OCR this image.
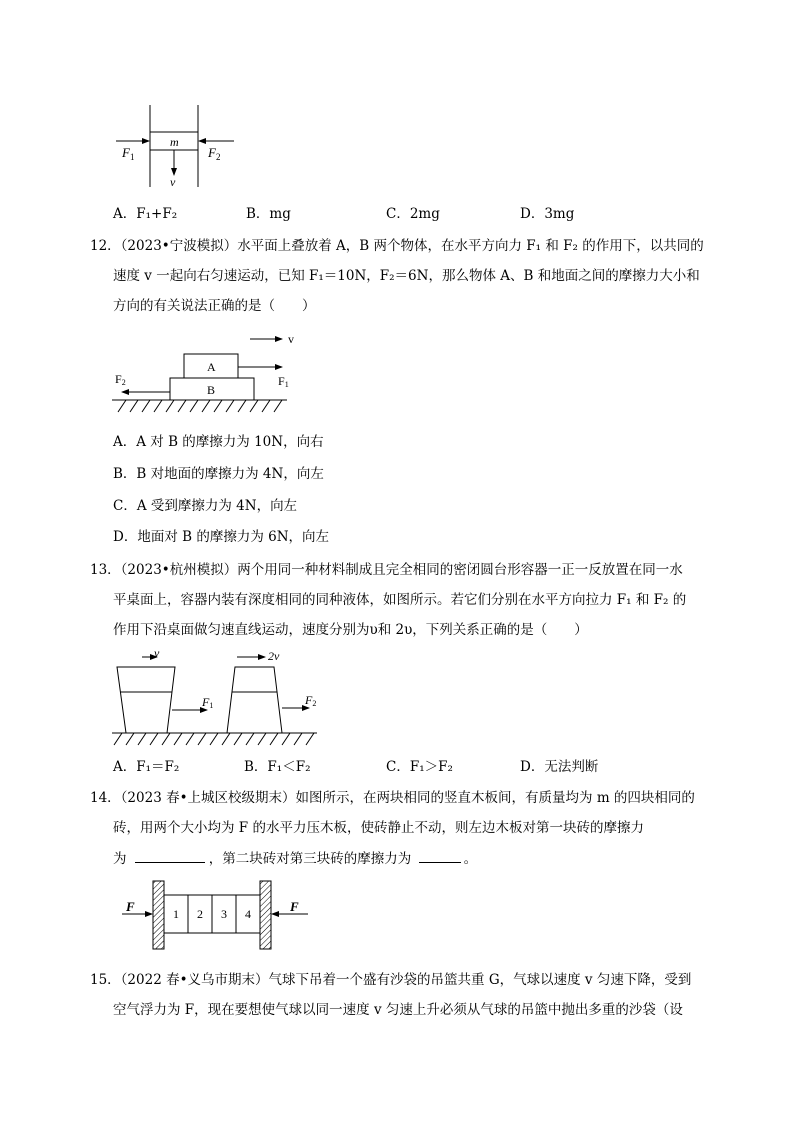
m
$F_1$	$F_2$
v
A．F₁+F₂	B．mg	C．2mg	D．3mg
12．（2023•宁波模拟）水平面上叠放着 A，B 两个物体，在水平方向力 F₁ 和 F₂ 的作用下，以共同的
速度 v 一起向右匀速运动，已知 F₁＝10N，F₂＝6N，那么物体 A、B 和地面之间的摩擦力大小和
方向的有关说法正确的是（　　）
v
A
B
F1
F2
A．A 对 B 的摩擦力为 10N，向右
B．B 对地面的摩擦力为 4N，向左
C．A 受到摩擦力为 4N，向左
D．地面对 B 的摩擦力为 6N，向左
13．（2023•杭州模拟）两个用同一种材料制成且完全相同的密闭圆台形容器一正一反放置在同一水
平桌面上，容器内装有深度相同的同种液体，如图所示。若它们分别在水平方向拉力 F₁ 和 F₂ 的
作用下沿桌面做匀速直线运动，速度分别为υ和 2υ，下列关系正确的是（　　）
v
F1
2v
F2
A．F₁＝F₂	B．F₁＜F₂	C．F₁＞F₂	D．无法判断
14．（2023 春•上城区校级期末）如图所示，在两块相同的竖直木板间，有质量均为 m 的四块相同的
砖，用两个大小均为 F 的水平力压木板，使砖静止不动，则左边木板对第一块砖的摩擦力
为	，第二块砖对第三块砖的摩擦力为	。
F	1 2 3 4	F
15．（2022 春•义乌市期末）气球下吊着一个盛有沙袋的吊篮共重 G，气球以速度 v 匀速下降，受到
空气浮力为 F，现在要想使气球以同一速度 v 匀速上升必须从气球的吊篮中抛出多重的沙袋（设
